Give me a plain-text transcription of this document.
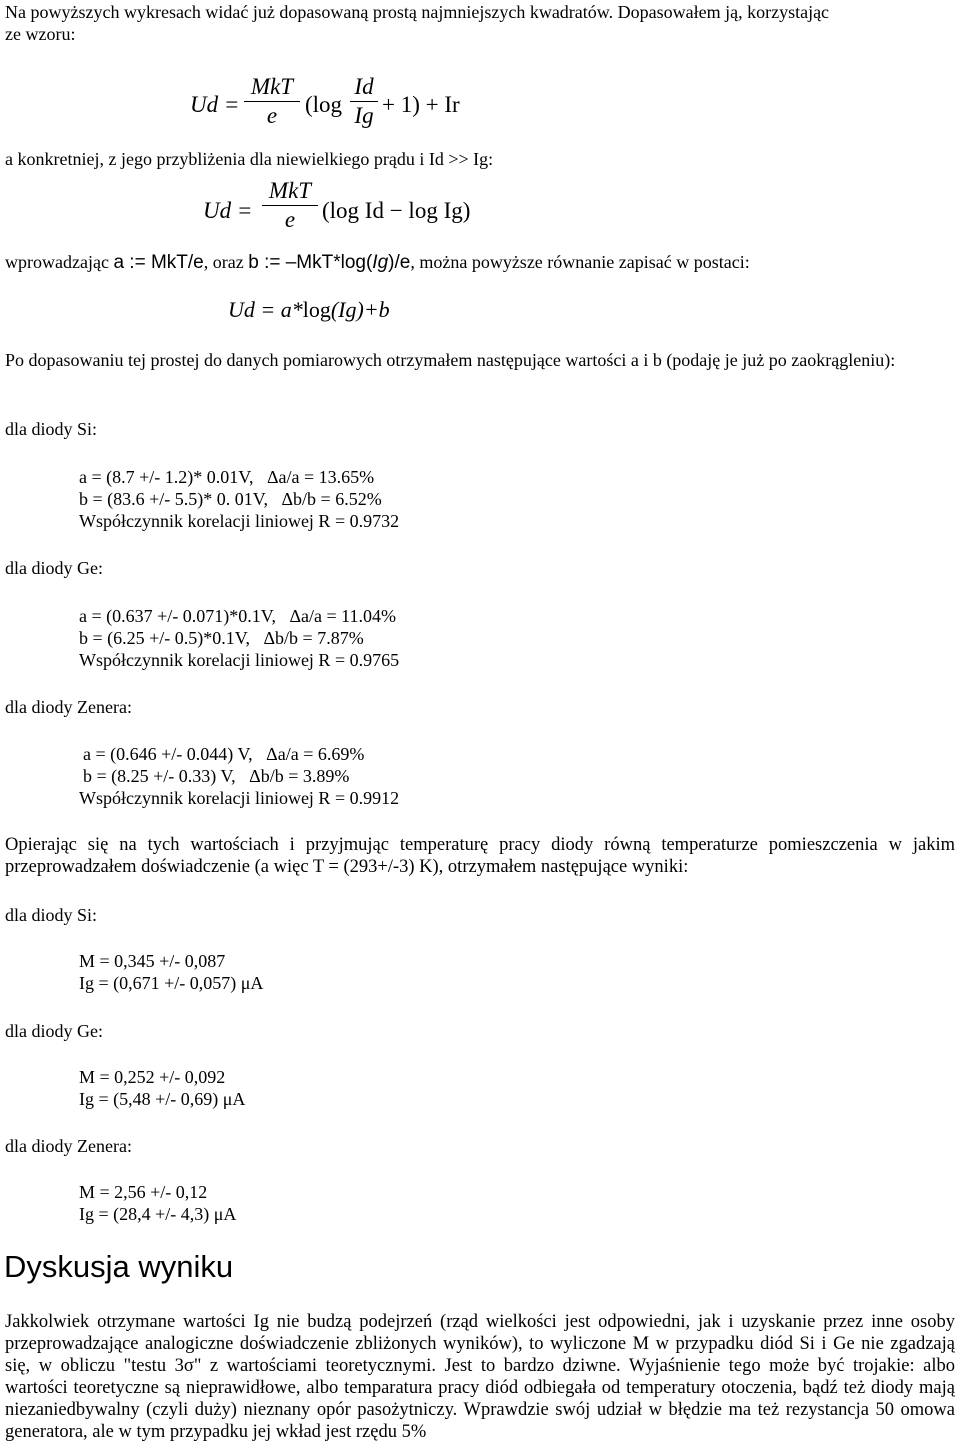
Na powyższych wykresach widać już dopasowaną prostą najmniejszych kwadratów. Dopasowałem ją, korzystając
ze wzoru:
Ud =
MkT
e	(log
Id
Ig + 1) + Ir
a konkretniej, z jego przybliżenia dla niewielkiego prądu i Id >> Ig:
Ud =
MkT
e	(log Id − log Ig)
wprowadzając a := MkT/e, oraz b := –MkT*log(Ig)/e, można powyższe równanie zapisać w postaci:
Ud = a*log(Ig)+b
Po dopasowaniu tej prostej do danych pomiarowych otrzymałem następujące wartości a i b (podaję je już po zaokrągleniu):
dla diody Si:
a = (8.7 +/- 1.2)* 0.01V, Δa/a = 13.65%
b = (83.6 +/- 5.5)* 0. 01V, Δb/b = 6.52%
Współczynnik korelacji liniowej R = 0.9732
dla diody Ge:
a = (0.637 +/- 0.071)*0.1V, Δa/a = 11.04%
b = (6.25 +/- 0.5)*0.1V, Δb/b = 7.87%
Współczynnik korelacji liniowej R = 0.9765
dla diody Zenera:
a = (0.646 +/- 0.044) V, Δa/a = 6.69%
b = (8.25 +/- 0.33) V, Δb/b = 3.89%
Współczynnik korelacji liniowej R = 0.9912
Opierając się na tych wartościach i przyjmując temperaturę pracy diody równą temperaturze pomieszczenia w jakim przeprowadzałem doświadczenie (a więc T = (293+/-3) K), otrzymałem następujące wyniki:
dla diody Si:
M = 0,345 +/- 0,087
Ig = (0,671 +/- 0,057) μA
dla diody Ge:
M = 0,252 +/- 0,092
Ig = (5,48 +/- 0,69) μA
dla diody Zenera:
M = 2,56 +/- 0,12
Ig = (28,4 +/- 4,3) μA
Dyskusja wyniku
Jakkolwiek otrzymane wartości Ig nie budzą podejrzeń (rząd wielkości jest odpowiedni, jak i uzyskanie przez inne osoby przeprowadzające analogiczne doświadczenie zbliżonych wyników), to wyliczone M w przypadku diód Si i Ge nie zgadzają się, w obliczu "testu 3σ" z wartościami teoretycznymi. Jest to bardzo dziwne. Wyjaśnienie tego może być trojakie: albo wartości teoretyczne są nieprawidłowe, albo temparatura pracy diód odbiegała od temperatury otoczenia, bądź też diody mają niezaniedbywalny (czyli duży) nieznany opór pasożytniczy. Wprawdzie swój udział w błędzie ma też rezystancja 50 omowa generatora, ale w tym przypadku jej wkład jest rzędu 5%
